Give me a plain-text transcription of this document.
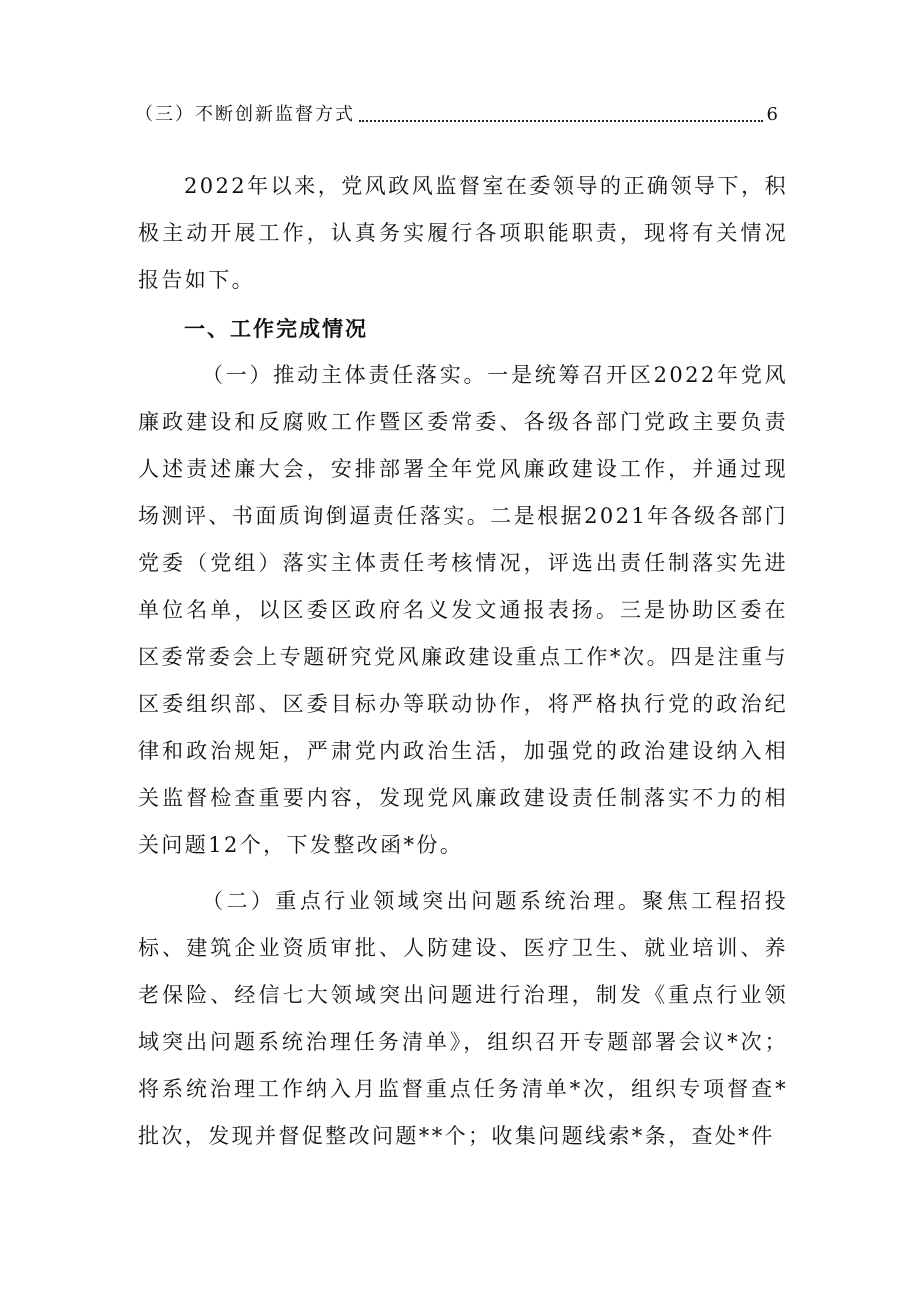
（三）不断创新监督方式	6

2022年以来，党风政风监督室在委领导的正确领导下，积极主动开展工作，认真务实履行各项职能职责，现将有关情况报告如下。

一、工作完成情况

（一）推动主体责任落实。一是统筹召开区2022年党风廉政建设和反腐败工作暨区委常委、各级各部门党政主要负责人述责述廉大会，安排部署全年党风廉政建设工作，并通过现场测评、书面质询倒逼责任落实。二是根据2021年各级各部门党委（党组）落实主体责任考核情况，评选出责任制落实先进单位名单，以区委区政府名义发文通报表扬。三是协助区委在区委常委会上专题研究党风廉政建设重点工作*次。四是注重与区委组织部、区委目标办等联动协作，将严格执行党的政治纪律和政治规矩，严肃党内政治生活，加强党的政治建设纳入相关监督检查重要内容，发现党风廉政建设责任制落实不力的相关问题12个，下发整改函*份。

（二）重点行业领域突出问题系统治理。聚焦工程招投标、建筑企业资质审批、人防建设、医疗卫生、就业培训、养老保险、经信七大领域突出问题进行治理，制发《重点行业领域突出问题系统治理任务清单》，组织召开专题部署会议*次；将系统治理工作纳入月监督重点任务清单*次，组织专项督查*批次，发现并督促整改问题**个；收集问题线索*条，查处*件
